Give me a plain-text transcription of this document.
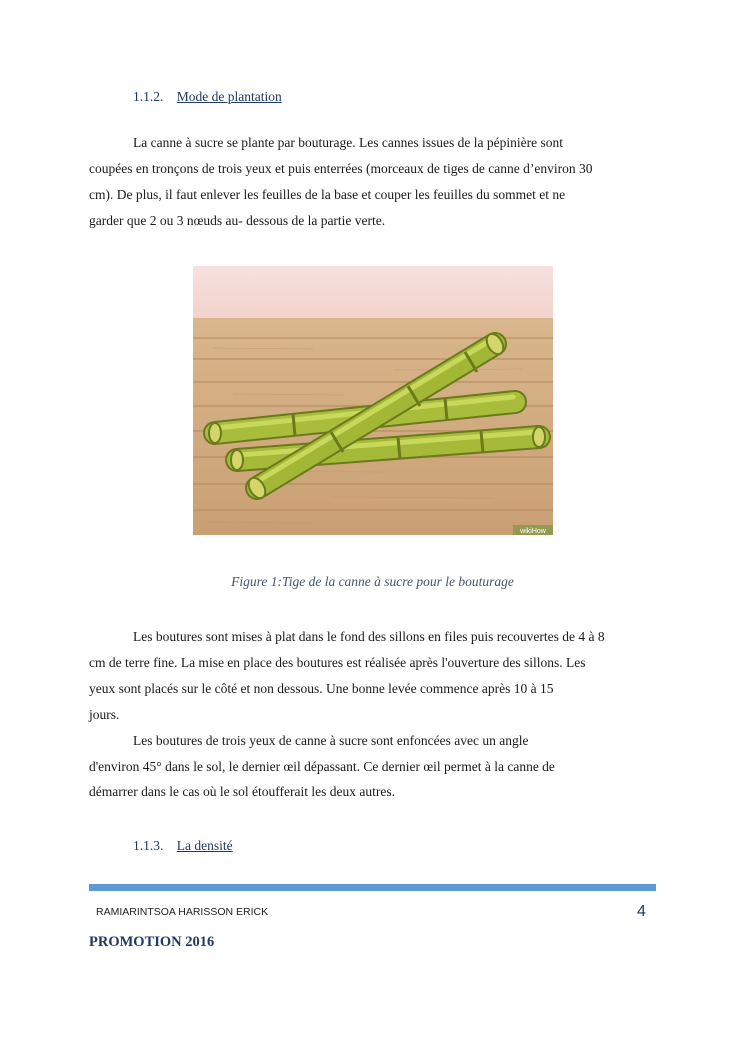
1.1.2. Mode de plantation
La canne à sucre se plante par bouturage. Les cannes issues de la pépinière sont
coupées en tronçons de trois yeux et puis enterrées (morceaux de tiges de canne d’environ 30
cm). De plus, il faut enlever les feuilles de la base et couper les feuilles du sommet et ne
garder que 2 ou 3 nœuds au- dessous de la partie verte.
wikiHow
Figure 1:Tige de la canne à sucre pour le bouturage
Les boutures sont mises à plat dans le fond des sillons en files puis recouvertes de 4 à 8
cm de terre fine. La mise en place des boutures est réalisée après l'ouverture des sillons. Les
yeux sont placés sur le côté et non dessous. Une bonne levée commence après 10 à 15
jours.
Les boutures de trois yeux de canne à sucre sont enfoncées avec un angle
d'environ 45° dans le sol, le dernier œil dépassant. Ce dernier œil permet à la canne de
démarrer dans le cas où le sol étoufferait les deux autres.
1.1.3. La densité
RAMIARINTSOA HARISSON ERICK	4
PROMOTION 2016
